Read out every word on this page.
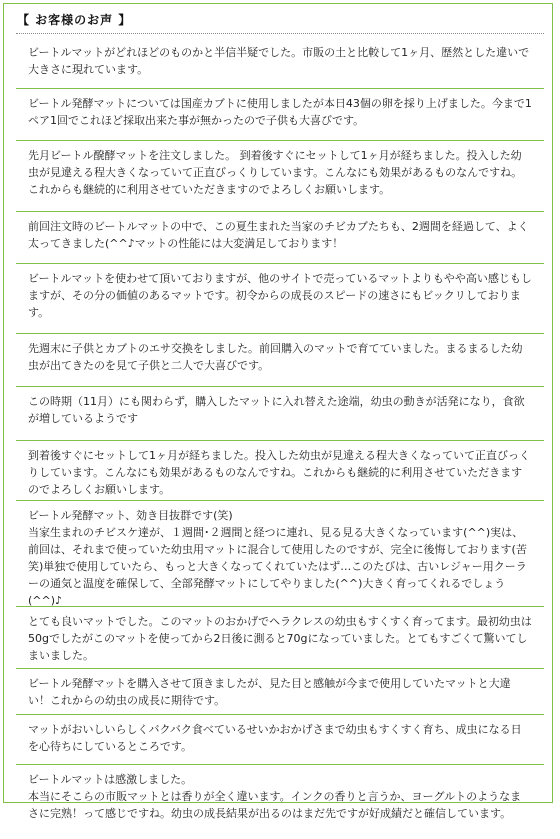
【 お客様のお声 】
ビートルマットがどれほどのものかと半信半疑でした。市販の土と比較して1ヶ月、歴然とした違いで大きさに現れています。
ビートル発酵マットについては国産カブトに使用しましたが本日43個の卵を採り上げました。今まで1ペア1回でこれほど採取出来た事が無かったので子供も大喜びです。
先月ビートル醗酵マットを注文しました。 到着後すぐにセットして1ヶ月が経ちました。投入した幼虫が見違える程大きくなっていて正直びっくりしています。こんなにも効果があるものなんですね。これからも継続的に利用させていただきますのでよろしくお願いします。
前回注文時のビートルマットの中で、この夏生まれた当家のチビカブたちも、2週間を経過して、よく太ってきました(^^♪マットの性能には大変満足しております！
ビートルマットを使わせて頂いておりますが、他のサイトで売っているマットよりもやや高い感じもしますが、その分の価値のあるマットです。初令からの成長のスピードの速さにもビックリしております。
先週末に子供とカブトのエサ交換をしました。前回購入のマットで育てていました。まるまるした幼虫が出てきたのを見て子供と二人で大喜びです。
この時期（11月）にも関わらず，購入したマットに入れ替えた途端，幼虫の動きが活発になり，食欲が増しているようです
到着後すぐにセットして1ヶ月が経ちました。投入した幼虫が見違える程大きくなっていて正直びっくりしています。こんなにも効果があるものなんですね。これからも継続的に利用させていただきますのでよろしくお願いします。
ビートル発酵マット、効き目抜群です(笑)
当家生まれのチビスケ達が、１週間･２週間と経つに連れ、見る見る大きくなっています(^^)実は、前回は、それまで使っていた幼虫用マットに混合して使用したのですが、完全に後悔しております(苦笑)単独で使用していたら、もっと大きくなってくれていたはず…このたびは、古いレジャー用クーラーの通気と温度を確保して、全部発酵マットにしてやりました(^^)大きく育ってくれるでしょう(^^)♪
とても良いマットでした。このマットのおかげでヘラクレスの幼虫もすくすく育ってます。最初幼虫は50gでしたがこのマットを使ってから2日後に測ると70gになっていました。とてもすごくて驚いてしまいました。
ビートル発酵マットを購入させて頂きましたが、見た目と感触が今まで使用していたマットと大違い！これからの幼虫の成長に期待です。
マットがおいしいらしくバクバク食べているせいかおかげさまで幼虫もすくすく育ち、成虫になる日を心待ちにしているところです。
ビートルマットは感激しました。
本当にそこらの市販マットとは香りが全く違います。インクの香りと言うか、ヨーグルトのようなまさに完熟！って感じですね。幼虫の成長結果が出るのはまだ先ですが好成績だと確信しています。
